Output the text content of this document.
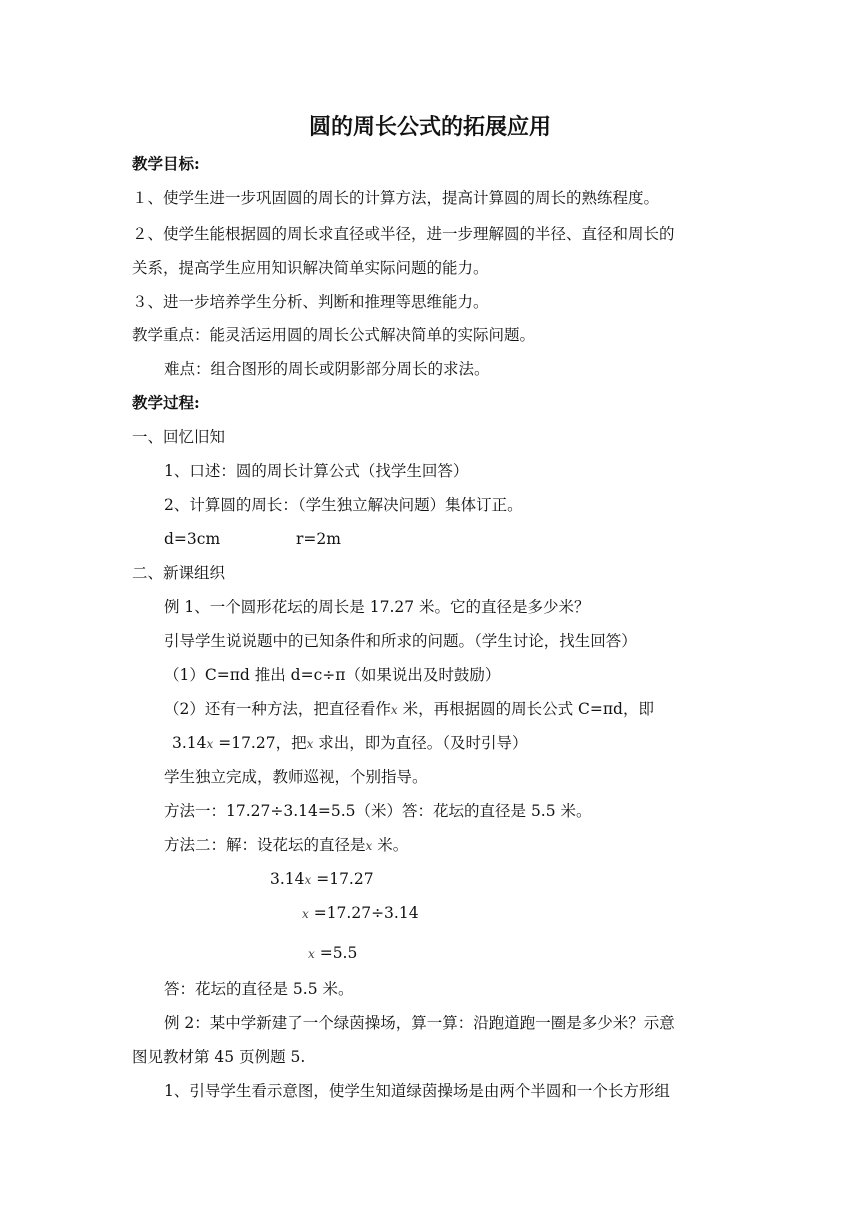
圆的周长公式的拓展应用
教学目标:
１、使学生进一步巩固圆的周长的计算方法，提高计算圆的周长的熟练程度。
２、使学生能根据圆的周长求直径或半径，进一步理解圆的半径、直径和周长的
关系，提高学生应用知识解决简单实际问题的能力。
３、进一步培养学生分析、判断和推理等思维能力。
教学重点：能灵活运用圆的周长公式解决简单的实际问题。
难点：组合图形的周长或阴影部分周长的求法。
教学过程:
一、回忆旧知
1、口述：圆的周长计算公式（找学生回答）
2、计算圆的周长：（学生独立解决问题）集体订正。
d=3cm	r=2m
二、新课组织
例 1、一个圆形花坛的周长是 17.27 米。它的直径是多少米？
引导学生说说题中的已知条件和所求的问题。（学生讨论，找生回答）
（1）C=πd 推出 d=c÷π（如果说出及时鼓励）
（2）还有一种方法，把直径看作x 米，再根据圆的周长公式 C=πd，即
3.14x =17.27，把x 求出，即为直径。（及时引导）
学生独立完成，教师巡视，个别指导。
方法一：17.27÷3.14=5.5（米）答：花坛的直径是 5.5 米。
方法二：解：设花坛的直径是x 米。
3.14x =17.27
x =17.27÷3.14
x =5.5
答：花坛的直径是 5.5 米。
例 2：某中学新建了一个绿茵操场，算一算：沿跑道跑一圈是多少米？示意
图见教材第 45 页例题 5.
1、引导学生看示意图，使学生知道绿茵操场是由两个半圆和一个长方形组
